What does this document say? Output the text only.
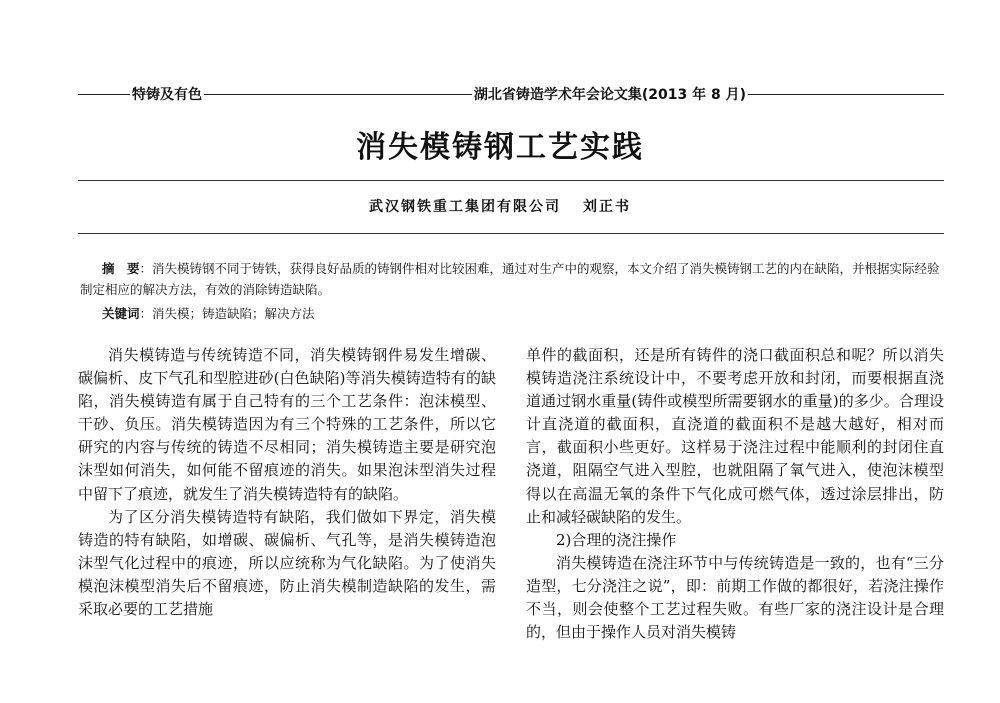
特铸及有色	湖北省铸造学术年会论文集(2013 年 8 月)
消失模铸钢工艺实践
武汉钢铁重工集团有限公司 刘正书
摘　要：消失模铸钢不同于铸铁，获得良好品质的铸钢件相对比较困难，通过对生产中的观察，本文介绍了消失模铸钢工艺的内在缺陷，并根据实际经验制定相应的解决方法，有效的消除铸造缺陷。
关键词：消失模；铸造缺陷；解决方法

消失模铸造与传统铸造不同，消失模铸钢件易发生增碳、碳偏析、皮下气孔和型腔进砂(白色缺陷)等消失模铸造特有的缺陷，消失模铸造有属于自己特有的三个工艺条件：泡沫模型、干砂、负压。消失模铸造因为有三个特殊的工艺条件，所以它研究的内容与传统的铸造不尽相同；消失模铸造主要是研究泡沫型如何消失，如何能不留痕迹的消失。如果泡沫型消失过程中留下了痕迹，就发生了消失模铸造特有的缺陷。

为了区分消失模铸造特有缺陷，我们做如下界定，消失模铸造的特有缺陷，如增碳、碳偏析、气孔等，是消失模铸造泡沫型气化过程中的痕迹，所以应统称为气化缺陷。为了使消失模泡沫模型消失后不留痕迹，防止消失模制造缺陷的发生，需采取必要的工艺措施

单件的截面积，还是所有铸件的浇口截面积总和呢？所以消失模铸造浇注系统设计中，不要考虑开放和封闭，而要根据直浇道通过钢水重量(铸件或模型所需要钢水的重量)的多少。合理设计直浇道的截面积，直浇道的截面积不是越大越好，相对而言，截面积小些更好。这样易于浇注过程中能顺利的封闭住直浇道，阻隔空气进入型腔，也就阻隔了氧气进入，使泡沫模型得以在高温无氧的条件下气化成可燃气体，透过涂层排出，防止和减轻碳缺陷的发生。

2)合理的浇注操作

消失模铸造在浇注环节中与传统铸造是一致的，也有“三分造型，七分浇注之说”，即：前期工作做的都很好，若浇注操作不当，则会使整个工艺过程失败。有些厂家的浇注设计是合理的，但由于操作人员对消失模铸
